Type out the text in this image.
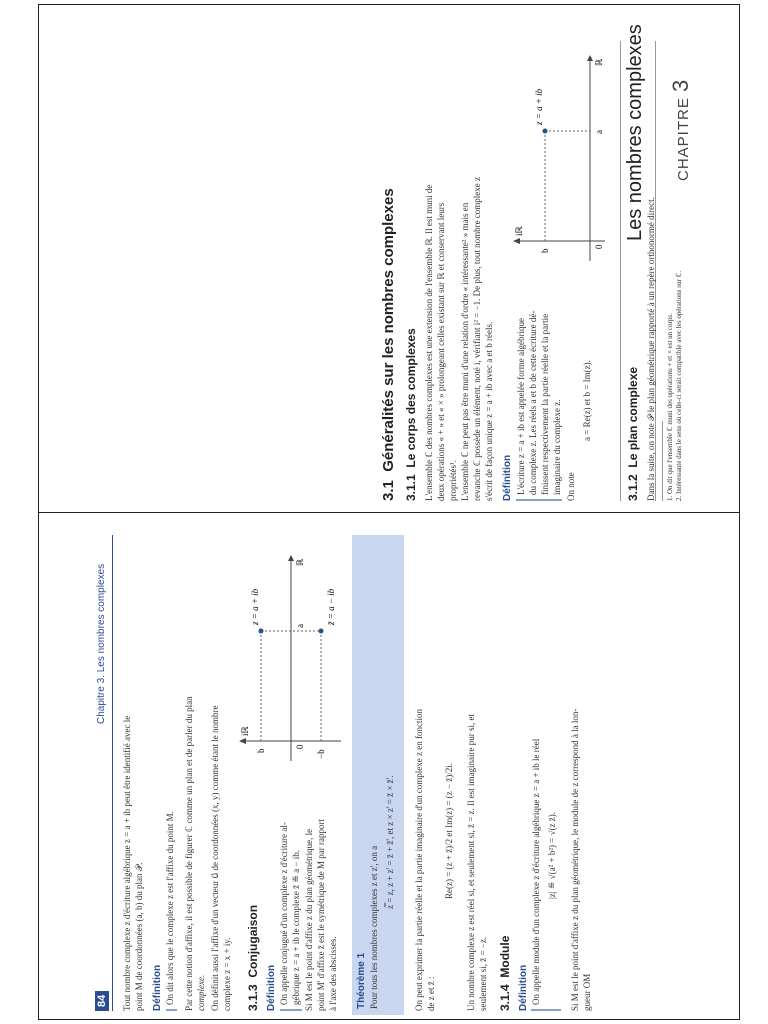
CHAPITRE 3
Les nombres complexes
3.1  Généralités sur les nombres complexes
3.1.1  Le corps des complexes L'ensemble ℂ des nombres complexes est une extension de l'ensemble ℝ. Il est muni de deux opérations « + » et « × » prolongeant celles existant sur ℝ et conservant leurs propriétés¹. L'ensemble ℂ ne peut pas être muni d'une relation d'ordre « intéressante² » mais en revanche ℂ possède un élément, noté i, vérifiant i² = −1. De plus, tout nombre complexe z s'écrit de façon unique z = a + ib avec a et b réels. Définition L'écriture z = a + ib est appelée forme algébrique du complexe z. Les réels a et b de cette écriture dé- finissent respectivement la partie réelle et la partie imaginaire du complexe z. On note
a = Re(z) et b = Im(z).
iℝ
ℝ
b
0
a
z = a + ib
3.1.2  Le plan complexe Dans la suite, on note 𝒫 le plan géométrique rapporté à un repère orthonormé direct. 1. On dit que l'ensemble ℂ muni des opérations + et × est un corps. 2. Intéressante dans le sens où celle-ci serait compatible avec les opérations sur ℂ.
84
Chapitre 3. Les nombres complexes
Tout nombre complexe z d'écriture algébrique z = a + ib peut être identifié avec le point M de coordonnées (a, b) du plan 𝒫. Définition On dit alors que le complexe z est l'affixe du point M. Par cette notion d'affixe, il est possible de figurer ℂ comme un plan et de parler du plan complexe. On définit aussi l'affixe d'un vecteur u⃗ de coordonnées (x, y) comme étant le nombre complexe z = x + iy. 3.1.3  Conjugaison
Définition On appelle conjugué d'un complexe z d'écriture al- gébrique z = a + ib le complexe z̄ ≝ a − ib. Si M est le point d'affixe z du plan géométrique, le point M' d'affixe z̄ est le symétrique de M par rapport à l'axe des abscisses.
iℝ
ℝ
b	−b
0
a
z = a + ib	z̄ = a − ib
Théorème 1 Pour tous les nombres complexes z et z', on a
z̿ = z, z + z' = z̄ + z̄', et z × z' = z̄ × z̄'. On peut exprimer la partie réelle et la partie imaginaire d'un complexe z en fonction de z et z̄ :
Re(z) = (z + z̄)/2 et Im(z) = (z − z̄)/2i. Un nombre complexe z est réel si, et seulement si, z̄ = z. Il est imaginaire pur si, et seulement si, z̄ = −z. 3.1.4  Module
Définition On appelle module d'un complexe z d'écriture algébrique z = a + ib le réel |z| ≝ √(a² + b²) = √(z z̄). Si M est le point d'affixe z du plan géométrique, le module de z correspond à la lon- gueur OM
